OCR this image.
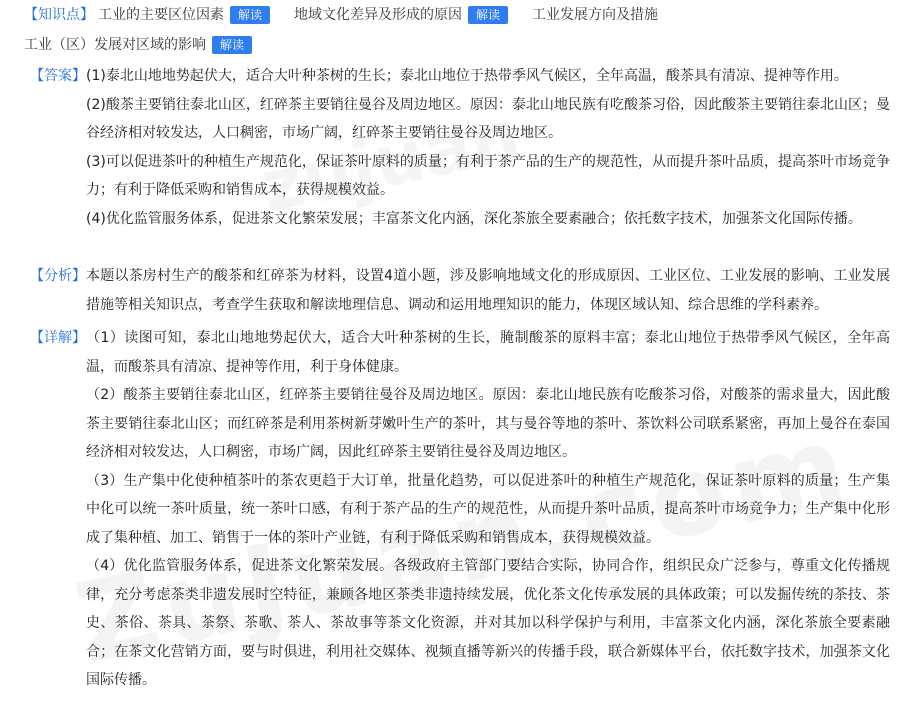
【知识点】 工业的主要区位因素	解读	地域文化差异及形成的原因	解读	工业发展方向及措施
工业（区）发展对区域的影响	解读
【答案】 (1)泰北山地地势起伏大，适合大叶种茶树的生长；泰北山地位于热带季风气候区，全年高温，酸茶具有清凉、提神等作用。

(2)酸茶主要销往泰北山区，红碎茶主要销往曼谷及周边地区。原因：泰北山地民族有吃酸茶习俗，因此酸茶主要销往泰北山区；曼谷经济相对较发达，人口稠密，市场广阔，红碎茶主要销往曼谷及周边地区。

(3)可以促进茶叶的种植生产规范化，保证茶叶原料的质量；有利于茶产品的生产的规范性，从而提升茶叶品质，提高茶叶市场竞争力；有利于降低采购和销售成本，获得规模效益。

(4)优化监管服务体系，促进茶文化繁荣发展；丰富茶文化内涵，深化茶旅全要素融合；依托数字技术，加强茶文化国际传播。

【分析】 本题以茶房村生产的酸茶和红碎茶为材料，设置4道小题，涉及影响地域文化的形成原因、工业区位、工业发展的影响、工业发展措施等相关知识点，考查学生获取和解读地理信息、调动和运用地理知识的能力，体现区域认知、综合思维的学科素养。

【详解】 （1）读图可知，泰北山地地势起伏大，适合大叶种茶树的生长，腌制酸茶的原料丰富；泰北山地位于热带季风气候区，全年高温，而酸茶具有清凉、提神等作用，利于身体健康。

（2）酸茶主要销往泰北山区，红碎茶主要销往曼谷及周边地区。原因：泰北山地民族有吃酸茶习俗，对酸茶的需求量大，因此酸茶主要销往泰北山区；而红碎茶是利用茶树新芽嫩叶生产的茶叶，其与曼谷等地的茶叶、茶饮料公司联系紧密，再加上曼谷在泰国经济相对较发达，人口稠密，市场广阔，因此红碎茶主要销往曼谷及周边地区。

（3）生产集中化使种植茶叶的茶农更趋于大订单，批量化趋势，可以促进茶叶的种植生产规范化，保证茶叶原料的质量；生产集中化可以统一茶叶质量，统一茶叶口感，有利于茶产品的生产的规范性，从而提升茶叶品质，提高茶叶市场竞争力；生产集中化形成了集种植、加工、销售于一体的茶叶产业链，有利于降低采购和销售成本，获得规模效益。

（4）优化监管服务体系，促进茶文化繁荣发展。各级政府主管部门要结合实际，协同合作，组织民众广泛参与，尊重文化传播规律，充分考虑茶类非遗发展时空特征，兼顾各地区茶类非遗持续发展，优化茶文化传承发展的具体政策；可以发掘传统的茶技、茶史、茶俗、茶具、茶祭、茶歌、茶人、茶故事等茶文化资源，并对其加以科学保护与利用，丰富茶文化内涵，深化茶旅全要素融合；在茶文化营销方面，要与时俱进，利用社交媒体、视频直播等新兴的传播手段，联合新媒体平台，依托数字技术，加强茶文化国际传播。
